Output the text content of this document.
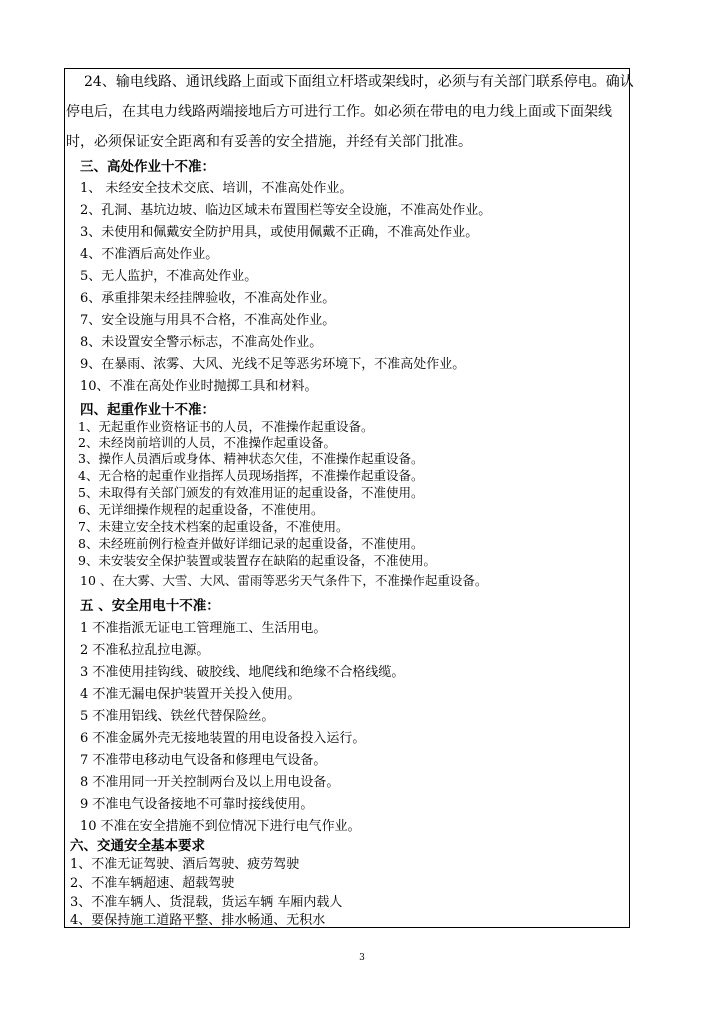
24、输电线路、通讯线路上面或下面组立杆塔或架线时，必须与有关部门联系停电。确认
停电后，在其电力线路两端接地后方可进行工作。如必须在带电的电力线上面或下面架线
时，必须保证安全距离和有妥善的安全措施，并经有关部门批准。
三、高处作业十不准：
1、 未经安全技术交底、培训，不准高处作业。
2、孔洞、基坑边坡、临边区域未布置围栏等安全设施，不准高处作业。
3、未使用和佩戴安全防护用具，或使用佩戴不正确，不准高处作业。
4、不准酒后高处作业。
5、无人监护，不准高处作业。
6、承重排架未经挂牌验收，不准高处作业。
7、安全设施与用具不合格，不准高处作业。
8、未设置安全警示标志，不准高处作业。
9、在暴雨、浓雾、大风、光线不足等恶劣环境下，不准高处作业。
10、不准在高处作业时抛掷工具和材料。
四、起重作业十不准：
1、无起重作业资格证书的人员，不准操作起重设备。
2、未经岗前培训的人员，不准操作起重设备。
3、操作人员酒后或身体、精神状态欠佳，不准操作起重设备。
4、无合格的起重作业指挥人员现场指挥，不准操作起重设备。
5、未取得有关部门颁发的有效准用证的起重设备，不准使用。
6、无详细操作规程的起重设备，不准使用。
7、未建立安全技术档案的起重设备，不准使用。
8、未经班前例行检查并做好详细记录的起重设备，不准使用。
9、未安装安全保护装置或装置存在缺陷的起重设备，不准使用。
10 、在大雾、大雪、大风、雷雨等恶劣天气条件下，不准操作起重设备。
五 、安全用电十不准：
1 不准指派无证电工管理施工、生活用电。
2 不准私拉乱拉电源。
3 不准使用挂钩线、破胶线、地爬线和绝缘不合格线缆。
4 不准无漏电保护装置开关投入使用。
5 不准用铝线、铁丝代替保险丝。
6 不准金属外壳无接地装置的用电设备投入运行。
7 不准带电移动电气设备和修理电气设备。
8 不准用同一开关控制两台及以上用电设备。
9 不准电气设备接地不可靠时接线使用。
10 不准在安全措施不到位情况下进行电气作业。
六、交通安全基本要求
1、不准无证驾驶、酒后驾驶、疲劳驾驶
2、不准车辆超速、超载驾驶
3、不准车辆人、货混载，货运车辆 车厢内载人
4、要保持施工道路平整、排水畅通、无积水
3
